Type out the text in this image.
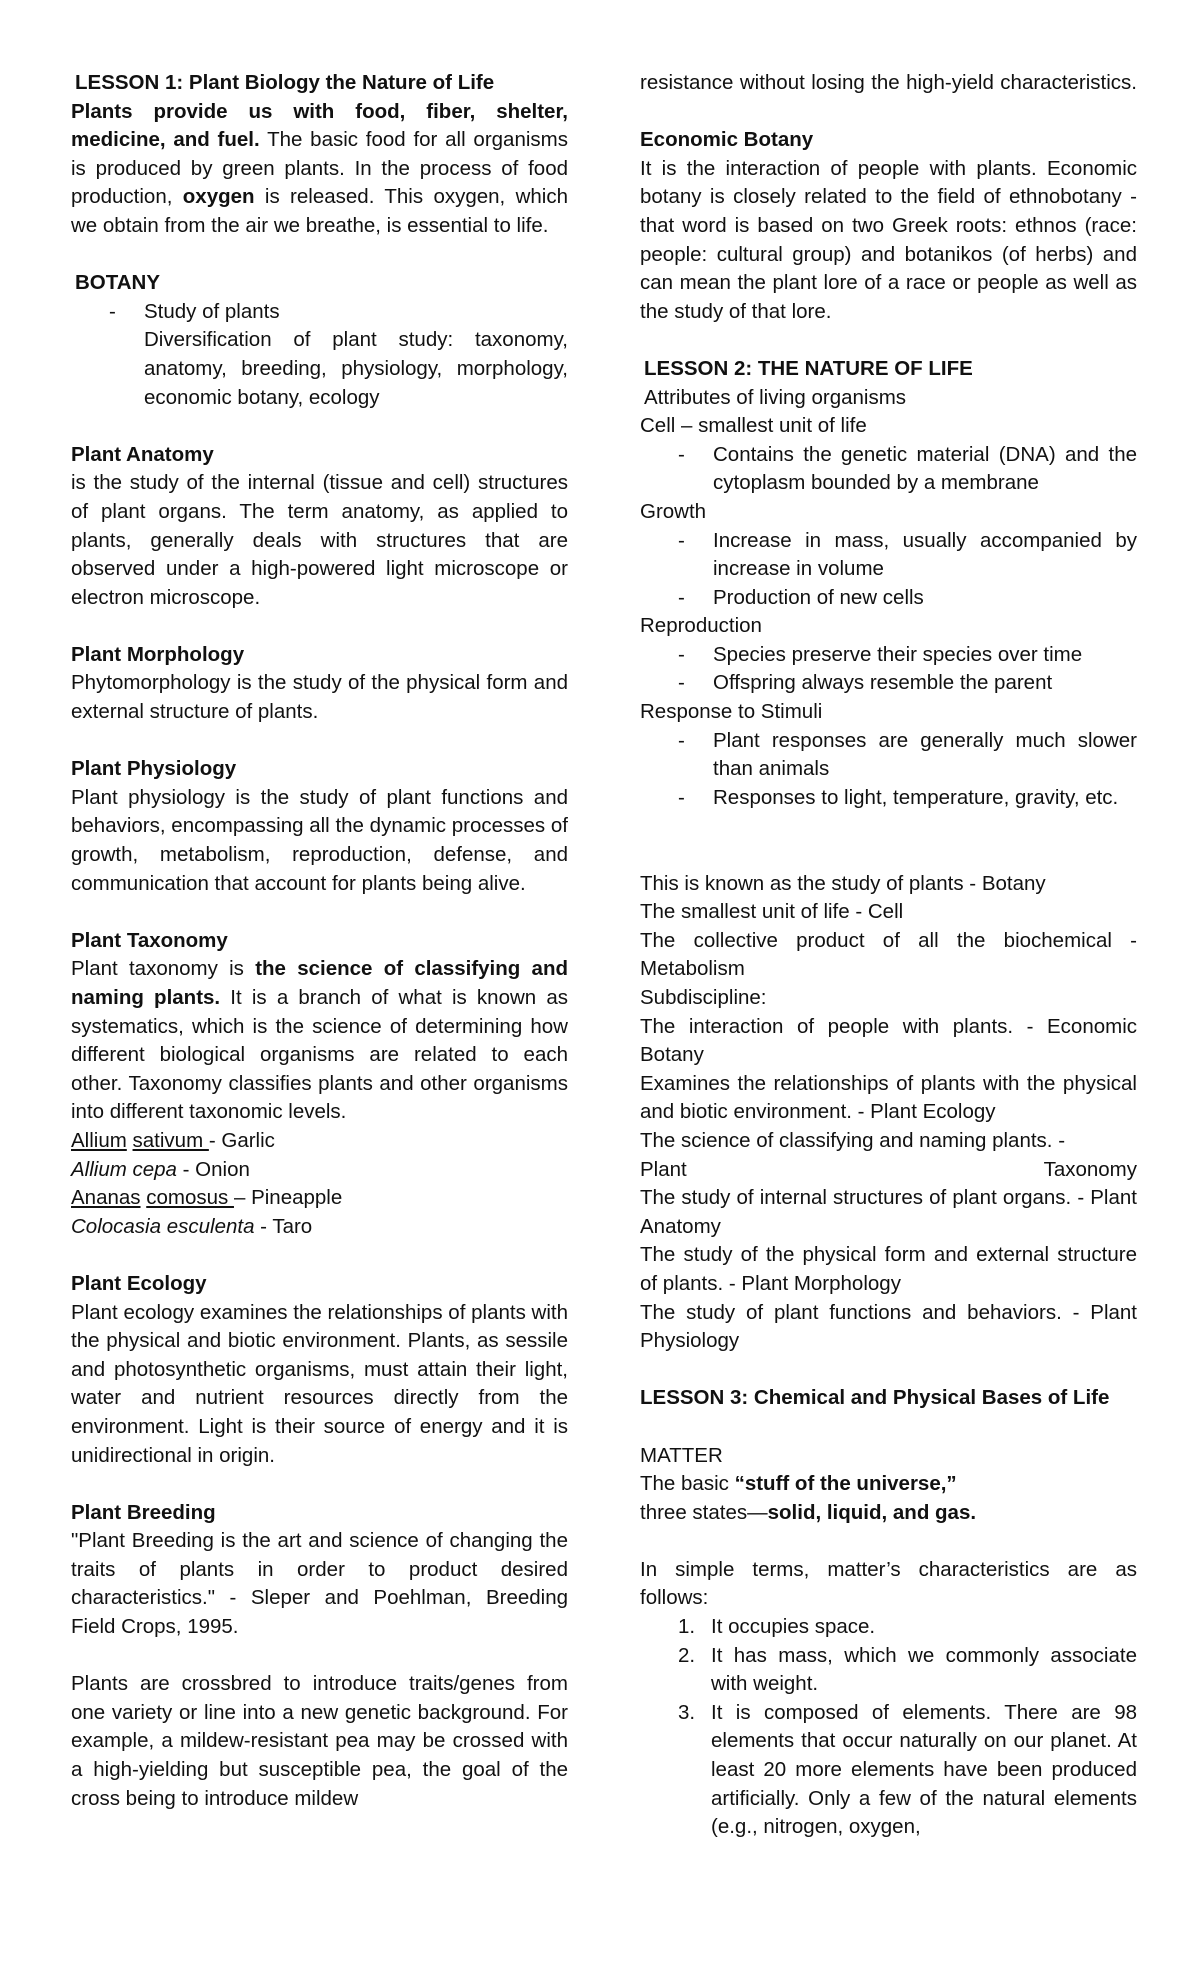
LESSON 1: Plant Biology the Nature of Life

Plants provide us with food, fiber, shelter, medicine, and fuel. The basic food for all organisms is produced by green plants. In the process of food production, oxygen is released. This oxygen, which we obtain from the air we breathe, is essential to life.

BOTANY

- Study of plants

Diversification of plant study: taxonomy, anatomy, breeding, physiology, morphology, economic botany, ecology

Plant Anatomy

is the study of the internal (tissue and cell) structures of plant organs. The term anatomy, as applied to plants, generally deals with structures that are observed under a high-powered light microscope or electron microscope.

Plant Morphology

Phytomorphology is the study of the physical form and external structure of plants.

Plant Physiology

Plant physiology is the study of plant functions and behaviors, encompassing all the dynamic processes of growth, metabolism, reproduction, defense, and communication that account for plants being alive.

Plant Taxonomy

Plant taxonomy is the science of classifying and naming plants. It is a branch of what is known as systematics, which is the science of determining how different biological organisms are related to each other. Taxonomy classifies plants and other organisms into different taxonomic levels.

Allium sativum - Garlic

Allium cepa - Onion

Ananas comosus – Pineapple

Colocasia esculenta - Taro

Plant Ecology

Plant ecology examines the relationships of plants with the physical and biotic environment. Plants, as sessile and photosynthetic organisms, must attain their light, water and nutrient resources directly from the environment. Light is their source of energy and it is unidirectional in origin.

Plant Breeding

"Plant Breeding is the art and science of changing the traits of plants in order to product desired characteristics." - Sleper and Poehlman, Breeding Field Crops, 1995.

Plants are crossbred to introduce traits/genes from one variety or line into a new genetic background. For example, a mildew-resistant pea may be crossed with a high-yielding but susceptible pea, the goal of the cross being to introduce mildew

resistance without losing the high-yield characteristics.

Economic Botany

It is the interaction of people with plants. Economic botany is closely related to the field of ethnobotany - that word is based on two Greek roots: ethnos (race: people: cultural group) and botanikos (of herbs) and can mean the plant lore of a race or people as well as the study of that lore.

LESSON 2: THE NATURE OF LIFE

Attributes of living organisms

Cell – smallest unit of life

- Contains the genetic material (DNA) and the cytoplasm bounded by a membrane

Growth

- Increase in mass, usually accompanied by increase in volume
- Production of new cells

Reproduction

- Species preserve their species over time
- Offspring always resemble the parent

Response to Stimuli

- Plant responses are generally much slower than animals
- Responses to light, temperature, gravity, etc.

This is known as the study of plants - Botany

The smallest unit of life - Cell

The collective product of all the biochemical - Metabolism

Subdiscipline:

The interaction of people with plants. - Economic Botany

Examines the relationships of plants with the physical and biotic environment. - Plant Ecology

The science of classifying and naming plants. -

Plant	Taxonomy

The study of internal structures of plant organs. - Plant Anatomy

The study of the physical form and external structure of plants. - Plant Morphology

The study of plant functions and behaviors. - Plant Physiology

LESSON 3: Chemical and Physical Bases of Life

MATTER

The basic “stuff of the universe,”

three states—solid, liquid, and gas.

In simple terms, matter’s characteristics are as follows:

1. It occupies space.
2. It has mass, which we commonly associate with weight.
3. It is composed of elements. There are 98 elements that occur naturally on our planet. At least 20 more elements have been produced artificially. Only a few of the natural elements (e.g., nitrogen, oxygen,
